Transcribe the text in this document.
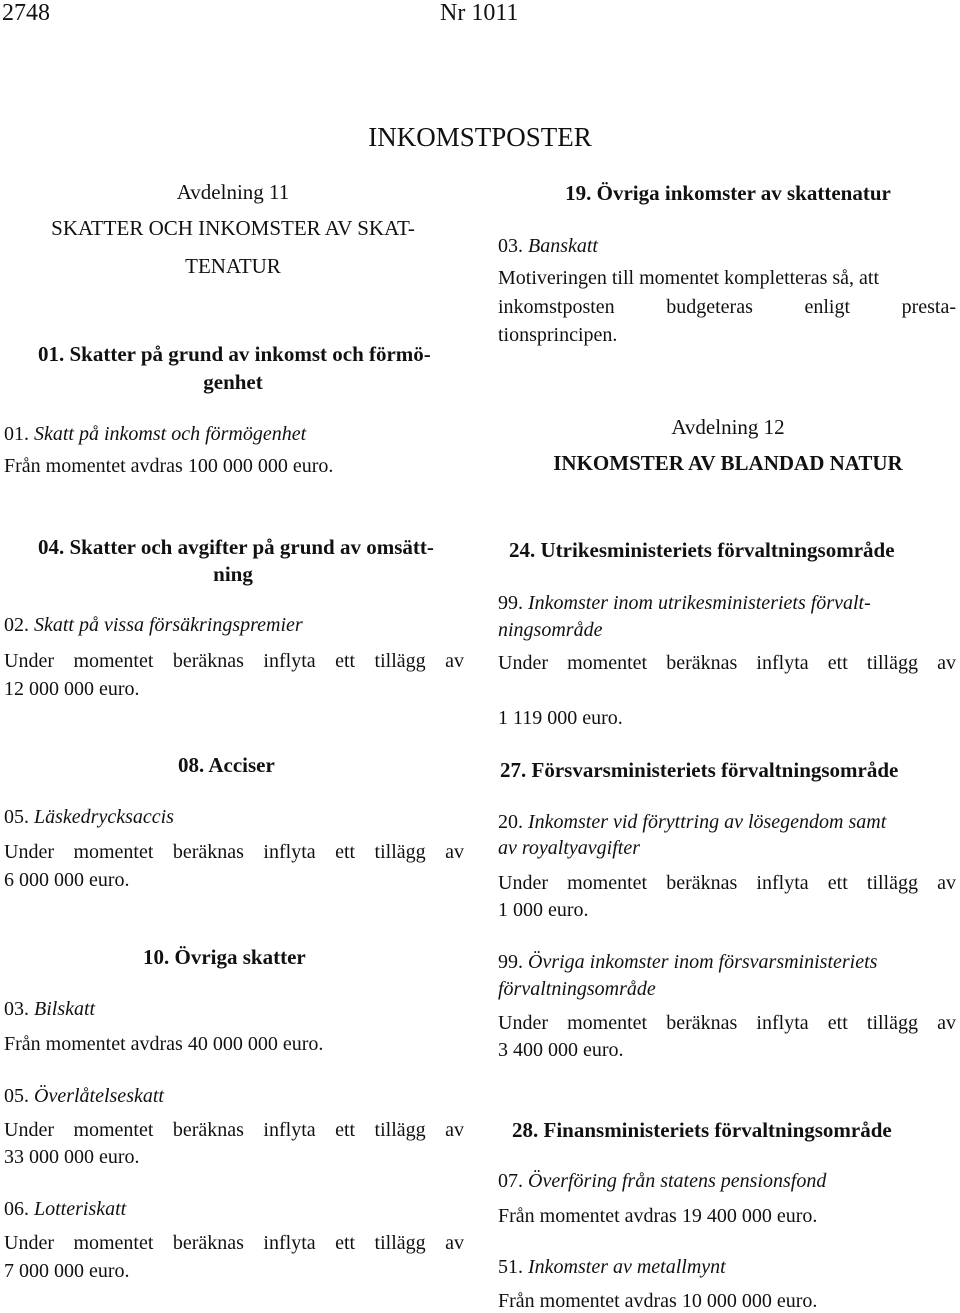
2748	Nr 1011
INKOMSTPOSTER
Avdelning 11
SKATTER OCH INKOMSTER AV SKAT-
TENATUR
01. Skatter på grund av inkomst och förmö-
genhet
01. Skatt på inkomst och förmögenhet
Från momentet avdras 100 000 000 euro.
19. Övriga inkomster av skattenatur
03. Banskatt
Motiveringen till momentet kompletteras så, att
inkomstposten budgeteras enligt presta-
tionsprincipen.
Avdelning 12
INKOMSTER AV BLANDAD NATUR
04. Skatter och avgifter på grund av omsätt-
ning
02. Skatt på vissa försäkringspremier
Under momentet beräknas inflyta ett tillägg av
12 000 000 euro.
24. Utrikesministeriets förvaltningsområde
99. Inkomster inom utrikesministeriets förvalt-
ningsområde
Under momentet beräknas inflyta ett tillägg av
1 119 000 euro.
08. Acciser
05. Läskedrycksaccis
Under momentet beräknas inflyta ett tillägg av
6 000 000 euro.
10. Övriga skatter
03. Bilskatt
Från momentet avdras 40 000 000 euro.
05. Överlåtelseskatt
Under momentet beräknas inflyta ett tillägg av
33 000 000 euro.
06. Lotteriskatt
Under momentet beräknas inflyta ett tillägg av
7 000 000 euro.
27. Försvarsministeriets förvaltningsområde
20. Inkomster vid föryttring av lösegendom samt
av royaltyavgifter
Under momentet beräknas inflyta ett tillägg av
1 000 euro.
99. Övriga inkomster inom försvarsministeriets
förvaltningsområde
Under momentet beräknas inflyta ett tillägg av
3 400 000 euro.
28. Finansministeriets förvaltningsområde
07. Överföring från statens pensionsfond
Från momentet avdras 19 400 000 euro.
51. Inkomster av metallmynt
Från momentet avdras 10 000 000 euro.
